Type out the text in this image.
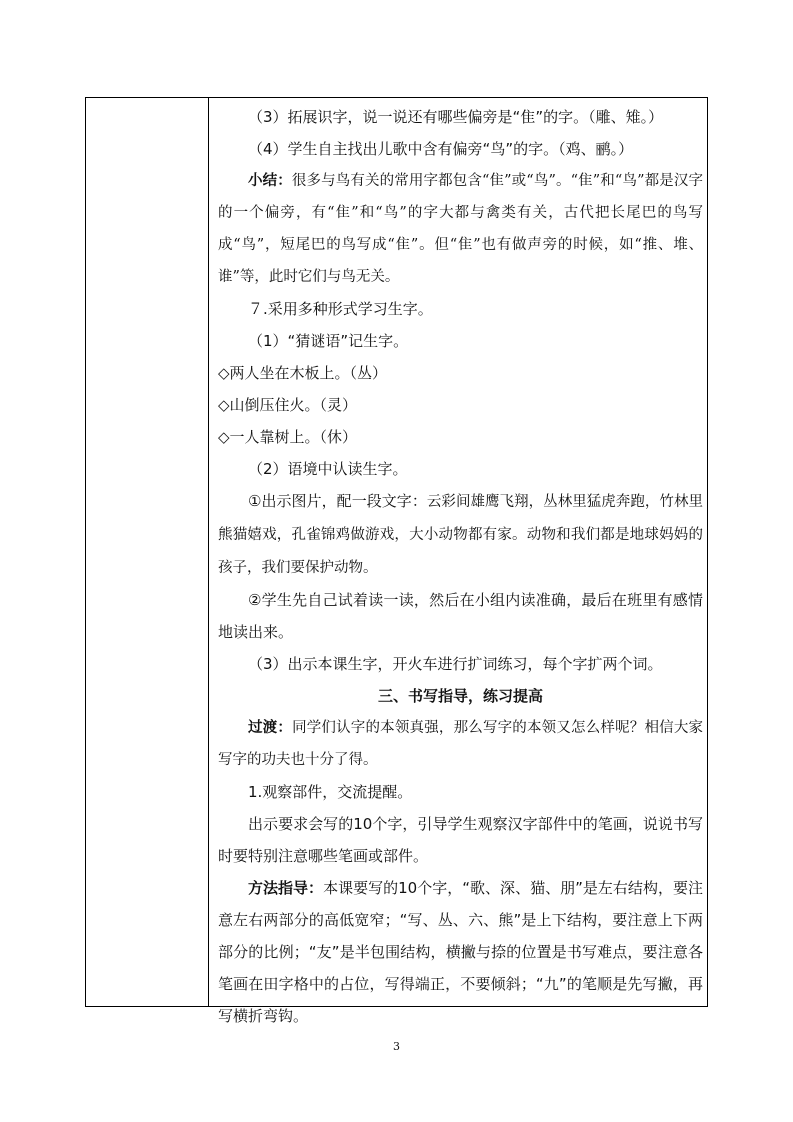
（3）拓展识字，说一说还有哪些偏旁是“隹”的字。（雕、雉。）

（4）学生自主找出儿歌中含有偏旁“鸟”的字。（鸡、鹂。）

小结：很多与鸟有关的常用字都包含“隹”或“鸟”。“隹”和“鸟”都是汉字的一个偏旁，有“隹”和“鸟”的字大都与禽类有关，古代把长尾巴的鸟写成“鸟”，短尾巴的鸟写成“隹”。但“隹”也有做声旁的时候，如“推、堆、谁”等，此时它们与鸟无关。

７.采用多种形式学习生字。

（1）“猜谜语”记生字。

◇两人坐在木板上。（丛）

◇山倒压住火。（灵）

◇一人靠树上。（休）

（2）语境中认读生字。

①出示图片，配一段文字：云彩间雄鹰飞翔，丛林里猛虎奔跑，竹林里熊猫嬉戏，孔雀锦鸡做游戏，大小动物都有家。动物和我们都是地球妈妈的孩子，我们要保护动物。

②学生先自己试着读一读，然后在小组内读准确，最后在班里有感情地读出来。

（3）出示本课生字，开火车进行扩词练习，每个字扩两个词。

三、书写指导，练习提高

过渡：同学们认字的本领真强，那么写字的本领又怎么样呢？相信大家写字的功夫也十分了得。

1.观察部件，交流提醒。

出示要求会写的10个字，引导学生观察汉字部件中的笔画，说说书写时要特别注意哪些笔画或部件。

方法指导：本课要写的10个字，“歌、深、猫、朋”是左右结构，要注意左右两部分的高低宽窄；“写、丛、六、熊”是上下结构，要注意上下两部分的比例；“友”是半包围结构，横撇与捺的位置是书写难点，要注意各笔画在田字格中的占位，写得端正，不要倾斜；“九”的笔顺是先写撇，再写横折弯钩。

3
